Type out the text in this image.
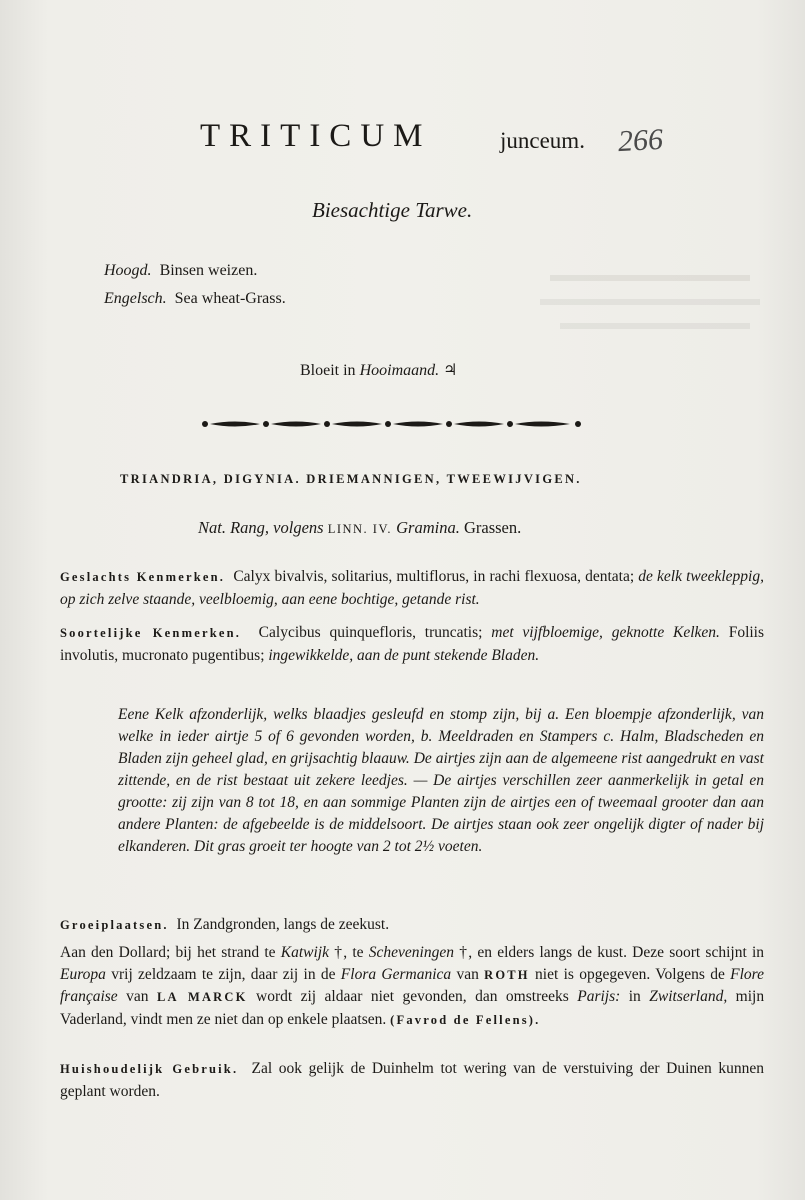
TRITICUM	junceum. 266
Biesachtige Tarwe.
Hoogd. Binsen weizen.
Engelsch. Sea wheat-Grass.
Bloeit in Hooimaand. ♃
TRIANDRIA, DIGYNIA. DRIEMANNIGEN, TWEEWIJVIGEN.
Nat. Rang, volgens LINN. IV. Gramina. Grassen.

Geslachts Kenmerken. Calyx bivalvis, solitarius, multiflorus, in rachi flexuosa, dentata; de kelk tweekleppig, op zich zelve staande, veelbloemig, aan eene bochtige, getande rist.

Soortelijke Kenmerken. Calycibus quinquefloris, truncatis; met vijfbloemige, geknotte Kelken. Foliis involutis, mucronato pugentibus; ingewikkelde, aan de punt stekende Bladen.

Eene Kelk afzonderlijk, welks blaadjes gesleufd en stomp zijn, bij a. Een bloempje afzonderlijk, van welke in ieder airtje 5 of 6 gevonden worden, b. Meeldraden en Stampers c. Halm, Bladscheden en Bladen zijn geheel glad, en grijsachtig blaauw. De airtjes zijn aan de algemeene rist aangedrukt en vast zittende, en de rist bestaat uit zekere leedjes. — De airtjes verschillen zeer aanmerkelijk in getal en grootte: zij zijn van 8 tot 18, en aan sommige Planten zijn de airtjes een of tweemaal grooter dan aan andere Planten: de afgebeelde is de middelsoort. De airtjes staan ook zeer ongelijk digter of nader bij elkanderen. Dit gras groeit ter hoogte van 2 tot 2½ voeten.

Groeiplaatsen. In Zandgronden, langs de zeekust.

Aan den Dollard; bij het strand te Katwijk †, te Scheveningen †, en elders langs de kust. Deze soort schijnt in Europa vrij zeldzaam te zijn, daar zij in de Flora Germanica van ROTH niet is opgegeven. Volgens de Flore française van LA MARCK wordt zij aldaar niet gevonden, dan omstreeks Parijs: in Zwitserland, mijn Vaderland, vindt men ze niet dan op enkele plaatsen. (Favrod de Fellens).

Huishoudelijk Gebruik. Zal ook gelijk de Duinhelm tot wering van de verstuiving der Duinen kunnen geplant worden.
